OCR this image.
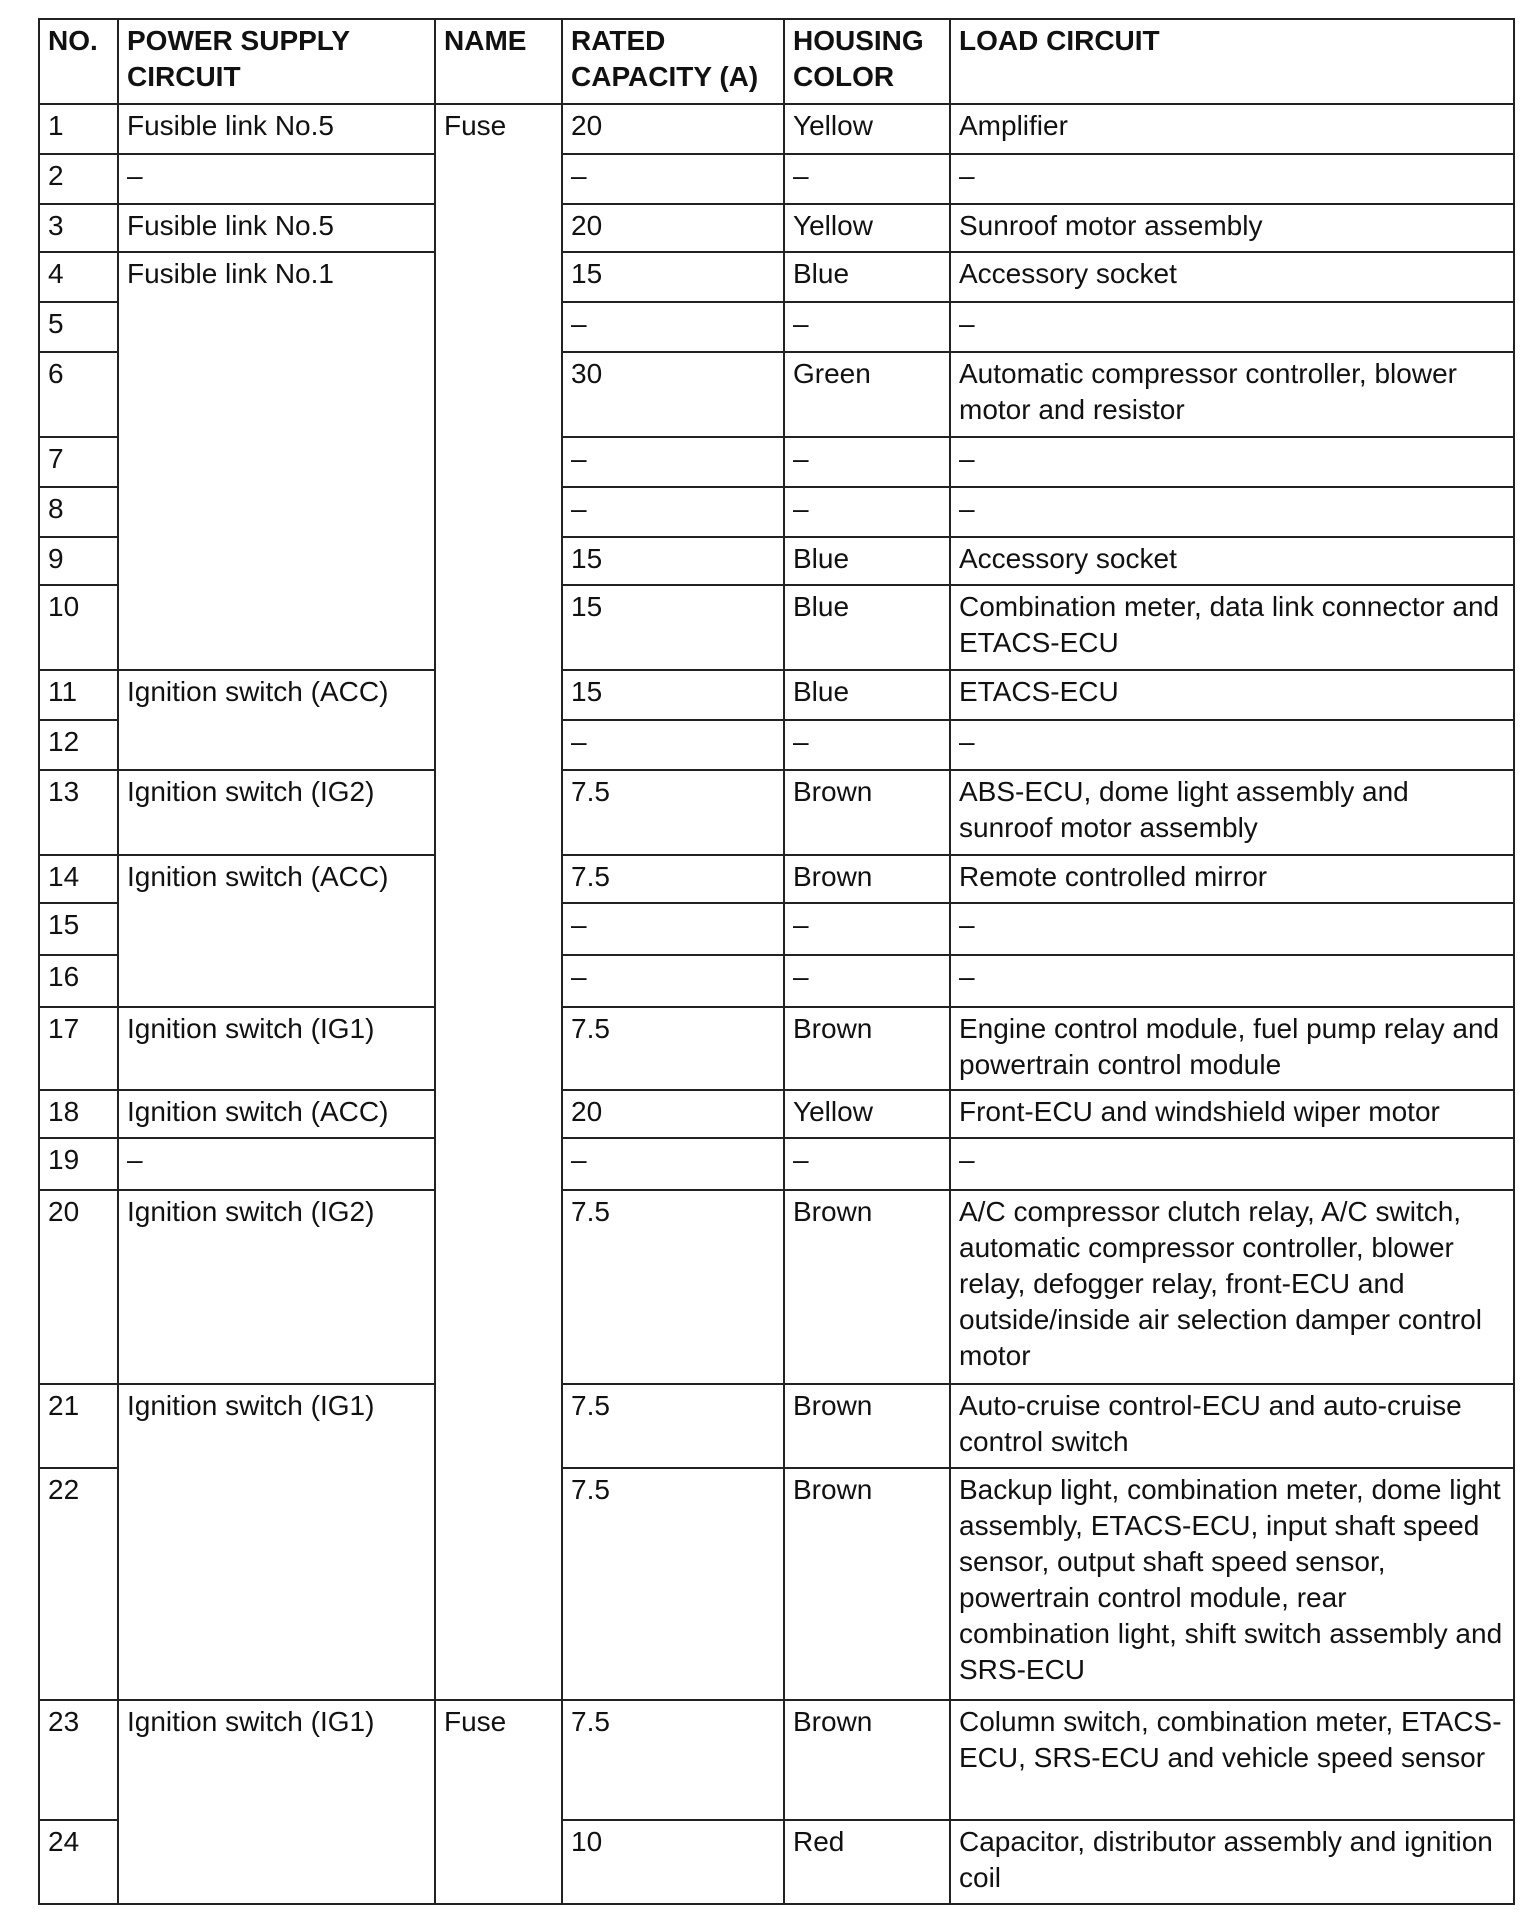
NO.	POWER SUPPLY CIRCUIT	NAME	RATED CAPACITY (A)	HOUSING COLOR	LOAD CIRCUIT
1	Fusible link No.5	Fuse	20	Yellow	Amplifier
2	–		–	–	–
3	Fusible link No.5		20	Yellow	Sunroof motor assembly
4	Fusible link No.1		15	Blue	Accessory socket
5			–	–	–
6			30	Green	Automatic compressor controller, blower motor and resistor
7			–	–	–
8			–	–	–
9			15	Blue	Accessory socket
10			15	Blue	Combination meter, data link connector and ETACS-ECU
11	Ignition switch (ACC)		15	Blue	ETACS-ECU
12			–	–	–
13	Ignition switch (IG2)		7.5	Brown	ABS-ECU, dome light assembly and sunroof motor assembly
14	Ignition switch (ACC)		7.5	Brown	Remote controlled mirror
15			–	–	–
16			–	–	–
17	Ignition switch (IG1)		7.5	Brown	Engine control module, fuel pump relay and powertrain control module
18	Ignition switch (ACC)		20	Yellow	Front-ECU and windshield wiper motor
19	–		–	–	–
20	Ignition switch (IG2)		7.5	Brown	A/C compressor clutch relay, A/C switch, automatic compressor controller, blower relay, defogger relay, front-ECU and outside/inside air selection damper control motor
21	Ignition switch (IG1)		7.5	Brown	Auto-cruise control-ECU and auto-cruise control switch
22			7.5	Brown	Backup light, combination meter, dome light assembly, ETACS-ECU, input shaft speed sensor, output shaft speed sensor, powertrain control module, rear combination light, shift switch assembly and SRS-ECU
23	Ignition switch (IG1)	Fuse	7.5	Brown	Column switch, combination meter, ETACS-ECU, SRS-ECU and vehicle speed sensor
24			10	Red	Capacitor, distributor assembly and ignition coil
